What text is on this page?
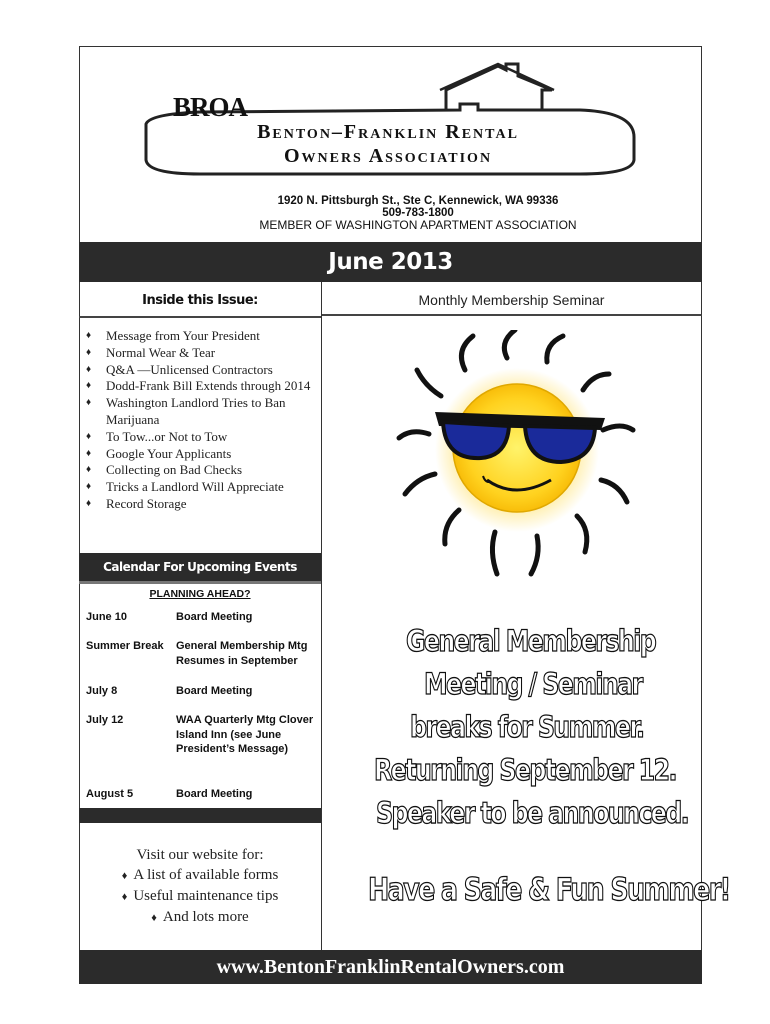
BROA
Benton–Franklin Rental
Owners Association
1920 N. Pittsburgh St., Ste C, Kennewick, WA 99336
509-783-1800
MEMBER OF WASHINGTON APARTMENT ASSOCIATION
June 2013
Inside this Issue:	Monthly Membership Seminar
♦ Message from Your President
♦ Normal Wear & Tear
♦ Q&A —Unlicensed Contractors
♦ Dodd-Frank Bill Extends through 2014
♦ Washington Landlord Tries to Ban Marijuana
♦ To Tow...or Not to Tow
♦ Google Your Applicants
♦ Collecting on Bad Checks
♦ Tricks a Landlord Will Appreciate
♦ Record Storage
Calendar For Upcoming Events
PLANNING AHEAD?
June 10	Board Meeting
Summer Break	General Membership Mtg Resumes in September
July 8	Board Meeting
July 12	WAA Quarterly Mtg Clover Island Inn (see June President’s Message)
August 5	Board Meeting
Visit our website for:
♦ A list of available forms
♦ Useful maintenance tips
♦ And lots more
General Membership
Meeting / Seminar
breaks for Summer.
Returning September 12.
Speaker to be announced.
Have a Safe & Fun Summer!
www.BentonFranklinRentalOwners.com
